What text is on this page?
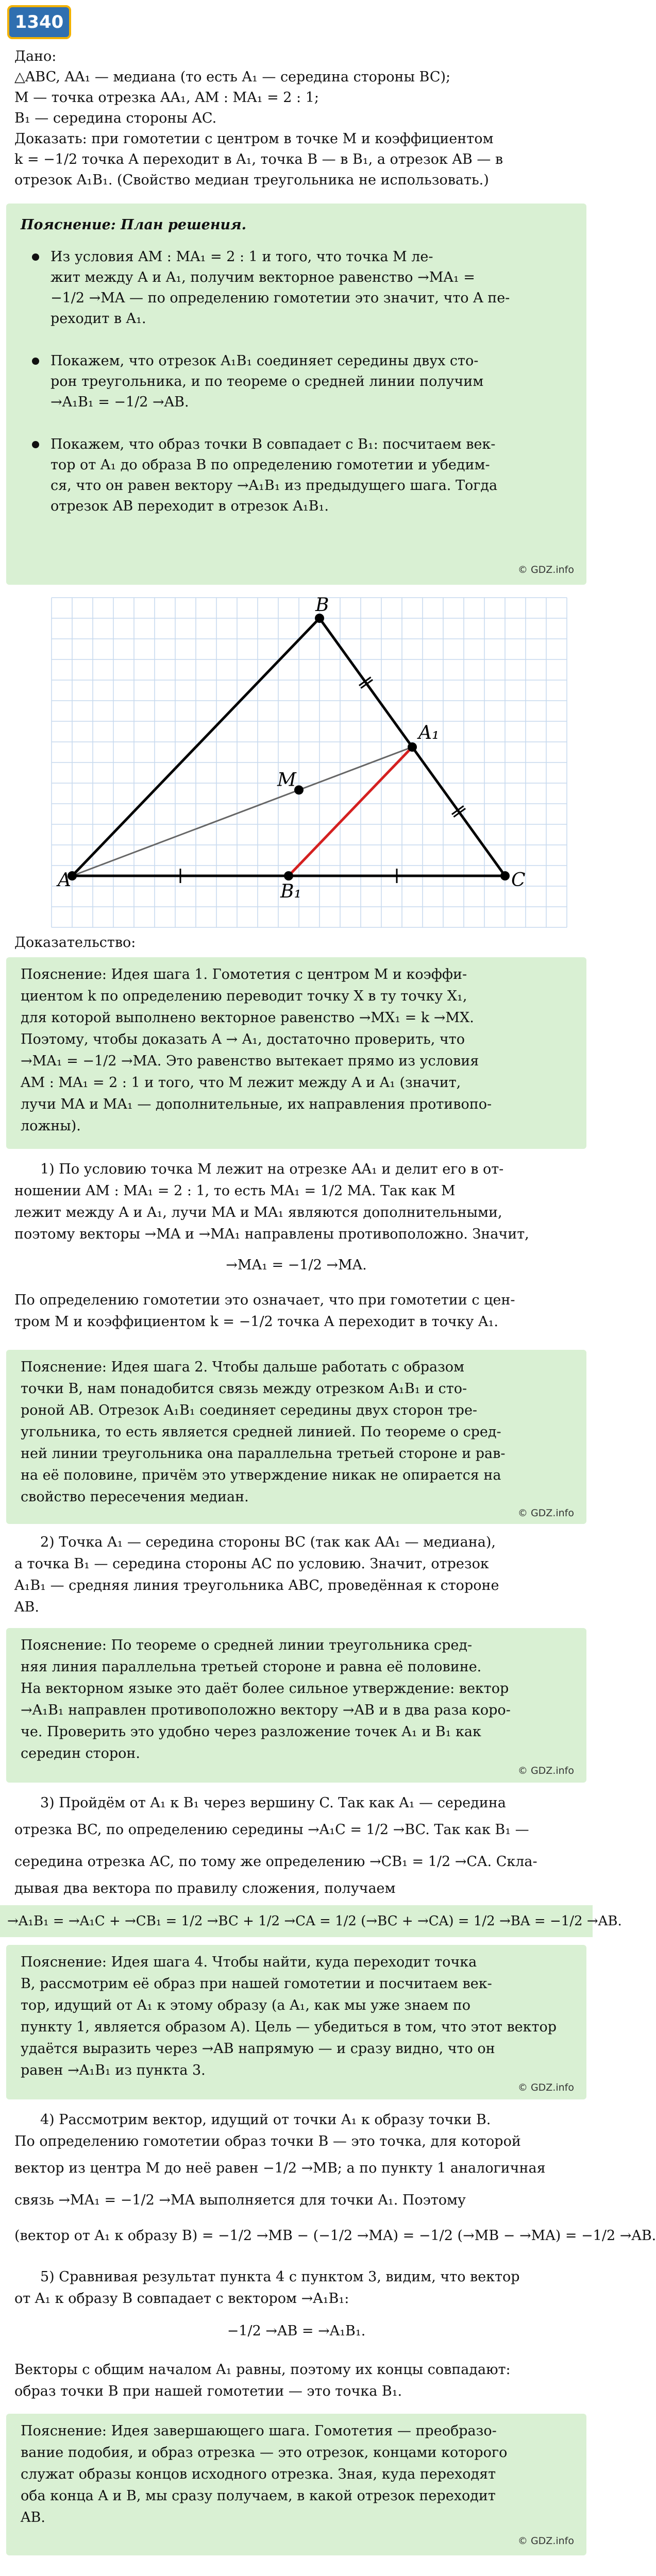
1340
Дано:
△ABC, AA₁ — медиана (то есть A₁ — середина стороны BC);
M — точка отрезка AA₁, AM : MA₁ = 2 : 1;
B₁ — середина стороны AC.
Доказать: при гомотетии с центром в точке M и коэффициентом
k = −1/2 точка A переходит в A₁, точка B — в B₁, а отрезок AB — в
отрезок A₁B₁. (Свойство медиан треугольника не использовать.)
Пояснение: План решения.
Из условия AM : MA₁ = 2 : 1 и того, что точка M ле-
жит между A и A₁, получим векторное равенство →MA₁ =
−1/2 →MA — по определению гомотетии это значит, что A пе-
реходит в A₁.
Покажем, что отрезок A₁B₁ соединяет середины двух сто-
рон треугольника, и по теореме о средней линии получим
→A₁B₁ = −1/2 →AB.
Покажем, что образ точки B совпадает с B₁: посчитаем век-
тор от A₁ до образа B по определению гомотетии и убедим-
ся, что он равен вектору →A₁B₁ из предыдущего шага. Тогда
отрезок AB переходит в отрезок A₁B₁.
© GDZ.info
A
B
C
A₁
B₁
M
Доказательство:
Пояснение: Идея шага 1. Гомотетия с центром M и коэффи-
циентом k по определению переводит точку X в ту точку X₁,
для которой выполнено векторное равенство →MX₁ = k →MX.
Поэтому, чтобы доказать A → A₁, достаточно проверить, что
→MA₁ = −1/2 →MA. Это равенство вытекает прямо из условия
AM : MA₁ = 2 : 1 и того, что M лежит между A и A₁ (значит,
лучи MA и MA₁ — дополнительные, их направления противопо-
ложны).
1) По условию точка M лежит на отрезке AA₁ и делит его в от-
ношении AM : MA₁ = 2 : 1, то есть MA₁ = 1/2 MA. Так как M
лежит между A и A₁, лучи MA и MA₁ являются дополнительными,
поэтому векторы →MA и →MA₁ направлены противоположно. Значит,
→MA₁ = −1/2 →MA.
По определению гомотетии это означает, что при гомотетии с цен-
тром M и коэффициентом k = −1/2 точка A переходит в точку A₁.
Пояснение: Идея шага 2. Чтобы дальше работать с образом
точки B, нам понадобится связь между отрезком A₁B₁ и сто-
роной AB. Отрезок A₁B₁ соединяет середины двух сторон тре-
угольника, то есть является средней линией. По теореме о сред-
ней линии треугольника она параллельна третьей стороне и рав-
на её половине, причём это утверждение никак не опирается на
свойство пересечения медиан.
© GDZ.info
2) Точка A₁ — середина стороны BC (так как AA₁ — медиана),
а точка B₁ — середина стороны AC по условию. Значит, отрезок
A₁B₁ — средняя линия треугольника ABC, проведённая к стороне
AB.
Пояснение: По теореме о средней линии треугольника сред-
няя линия параллельна третьей стороне и равна её половине.
На векторном языке это даёт более сильное утверждение: вектор
→A₁B₁ направлен противоположно вектору →AB и в два раза коро-
че. Проверить это удобно через разложение точек A₁ и B₁ как
середин сторон.
© GDZ.info
3) Пройдём от A₁ к B₁ через вершину C. Так как A₁ — середина
отрезка BC, по определению середины →A₁C = 1/2 →BC. Так как B₁ —
середина отрезка AC, по тому же определению →CB₁ = 1/2 →CA. Скла-
дывая два вектора по правилу сложения, получаем
→A₁B₁ = →A₁C + →CB₁ = 1/2 →BC + 1/2 →CA = 1/2 (→BC + →CA) = 1/2 →BA = −1/2 →AB.
Пояснение: Идея шага 4. Чтобы найти, куда переходит точка
B, рассмотрим её образ при нашей гомотетии и посчитаем век-
тор, идущий от A₁ к этому образу (а A₁, как мы уже знаем по
пункту 1, является образом A). Цель — убедиться в том, что этот вектор
удаётся выразить через →AB напрямую — и сразу видно, что он
равен →A₁B₁ из пункта 3.
© GDZ.info
4) Рассмотрим вектор, идущий от точки A₁ к образу точки B.
По определению гомотетии образ точки B — это точка, для которой
вектор из центра M до неё равен −1/2 →MB; а по пункту 1 аналогичная
связь →MA₁ = −1/2 →MA выполняется для точки A₁. Поэтому
(вектор от A₁ к образу B) = −1/2 →MB − (−1/2 →MA) = −1/2 (→MB − →MA) = −1/2 →AB.
5) Сравнивая результат пункта 4 с пунктом 3, видим, что вектор
от A₁ к образу B совпадает с вектором →A₁B₁:
−1/2 →AB = →A₁B₁.
Векторы с общим началом A₁ равны, поэтому их концы совпадают:
образ точки B при нашей гомотетии — это точка B₁.
Пояснение: Идея завершающего шага. Гомотетия — преобразо-
вание подобия, и образ отрезка — это отрезок, концами которого
служат образы концов исходного отрезка. Зная, куда переходят
оба конца A и B, мы сразу получаем, в какой отрезок переходит
AB.
© GDZ.info
